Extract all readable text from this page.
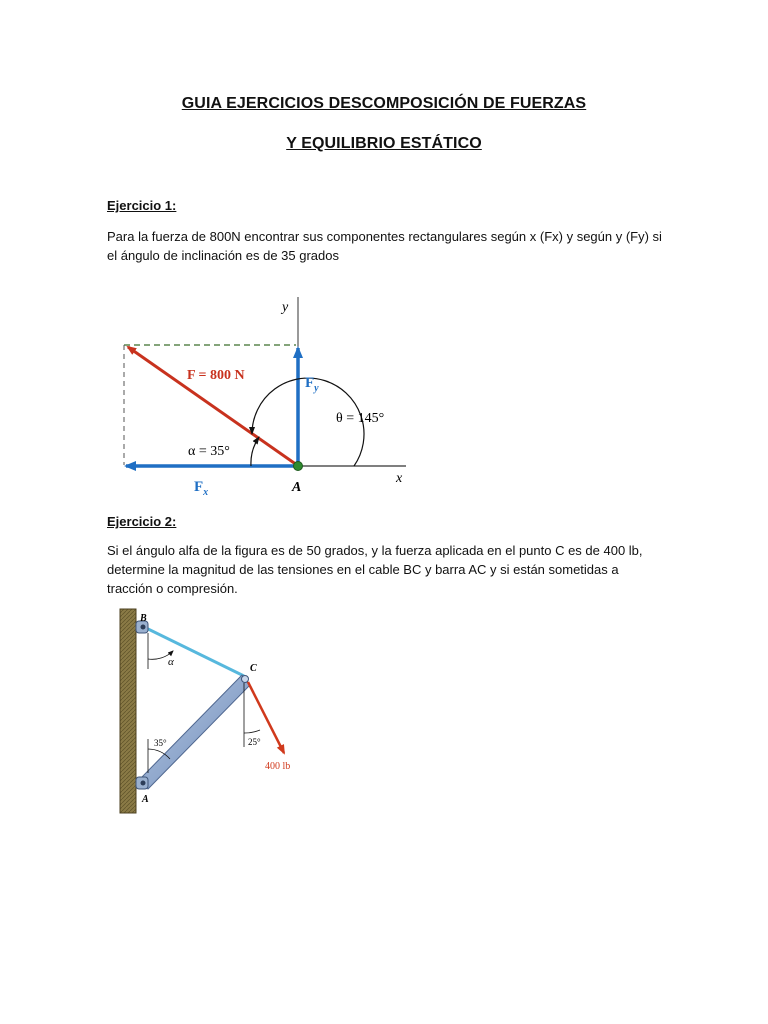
GUIA EJERCICIOS DESCOMPOSICIÓN DE FUERZAS
Y EQUILIBRIO ESTÁTICO
Ejercicio 1:

Para la fuerza de 800N encontrar sus componentes rectangulares según x (Fx) y según y (Fy) si
el ángulo de inclinación es de 35 grados

y
x
F = 800 N	$F_y$
$F_x$
θ = 145°
α = 35°
A
Ejercicio 2:

Si el ángulo alfa de la figura es de 50 grados, y la fuerza aplicada en el punto C es de 400 lb,
determine la magnitud de las tensiones en el cable BC y barra AC y si están sometidas a
tracción o compresión.

B
C
A
α
35°	25°
400 lb
